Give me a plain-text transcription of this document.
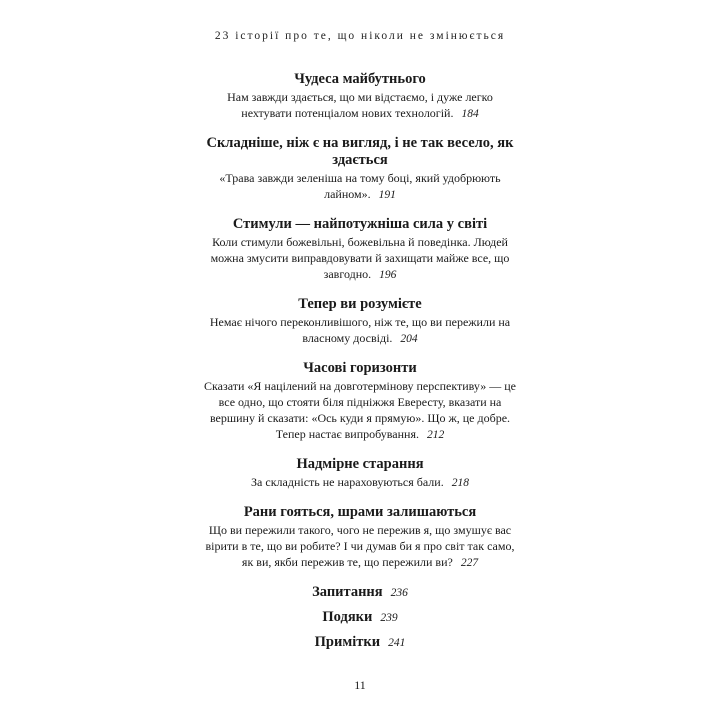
23 історії про те, що ніколи не змінюється
Чудеса майбутнього
Нам завжди здається, що ми відстаємо, і дуже легко нехтувати потенціалом нових технологій. 184
Складніше, ніж є на вигляд, і не так весело, як здається
«Трава завжди зеленіша на тому боці, який удобрюють лайном». 191
Стимули — найпотужніша сила у світі
Коли стимули божевільні, божевільна й поведінка. Людей можна змусити виправдовувати й захищати майже все, що завгодно. 196
Тепер ви розумієте
Немає нічого переконливішого, ніж те, що ви пережили на власному досвіді. 204
Часові горизонти
Сказати «Я націлений на довготермінову перспективу» — це все одно, що стояти біля підніжжя Евересту, вказати на вершину й сказати: «Ось куди я прямую». Що ж, це добре. Тепер настає випробування. 212
Надмірне старання
За складність не нараховуються бали. 218
Рани гояться, шрами залишаються
Що ви пережили такого, чого не пережив я, що змушує вас вірити в те, що ви робите? І чи думав би я про світ так само, як ви, якби пережив те, що пережили ви? 227
Запитання 236
Подяки 239
Примітки 241
11
